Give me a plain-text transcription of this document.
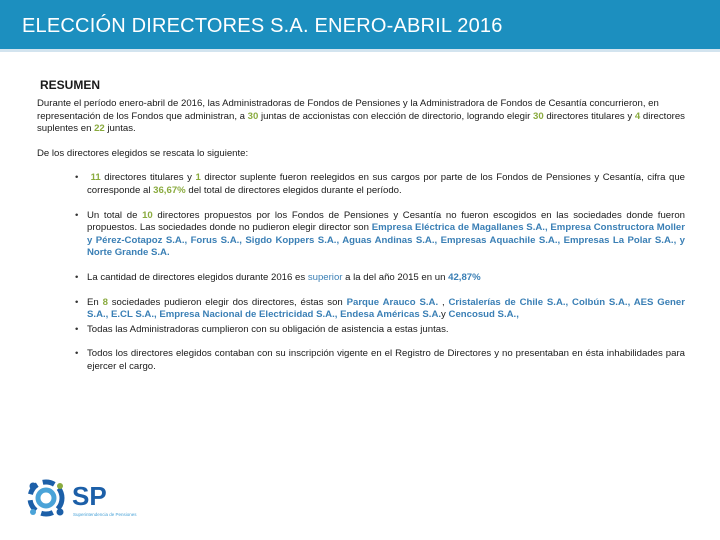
ELECCIÓN DIRECTORES S.A. ENERO-ABRIL 2016
RESUMEN

Durante el período enero-abril de 2016, las Administradoras de Fondos de Pensiones y la Administradora de Fondos de Cesantía concurrieron, en representación de los Fondos que administran, a 30 juntas de accionistas con elección de directorio, logrando elegir 30 directores titulares y 4 directores suplentes en 22 juntas.

De los directores elegidos se rescata lo siguiente:

• 11 directores titulares y 1 director suplente fueron reelegidos en sus cargos por parte de los Fondos de Pensiones y Cesantía, cifra que corresponde al 36,67% del total de directores elegidos durante el período.
• Un total de 10 directores propuestos por los Fondos de Pensiones y Cesantía no fueron escogidos en las sociedades donde fueron propuestos. Las sociedades donde no pudieron elegir director son Empresa Eléctrica de Magallanes S.A., Empresa Constructora Moller y Pérez-Cotapoz S.A., Forus S.A., Sigdo Koppers S.A., Aguas Andinas S.A., Empresas Aquachile S.A., Empresas La Polar S.A., y Norte Grande S.A.
• La cantidad de directores elegidos durante 2016 es superior a la del año 2015 en un 42,87%
• En 8 sociedades pudieron elegir dos directores, éstas son Parque Arauco S.A. , Cristalerías de Chile S.A., Colbún S.A., AES Gener S.A., E.CL S.A., Empresa Nacional de Electricidad S.A., Endesa Américas S.A.y Cencosud S.A.,
• Todas las Administradoras cumplieron con su obligación de asistencia a estas juntas.
• Todos los directores elegidos contaban con su inscripción vigente en el Registro de Directores y no presentaban en ésta inhabilidades para ejercer el cargo.
SP
Superintendencia de Pensiones
